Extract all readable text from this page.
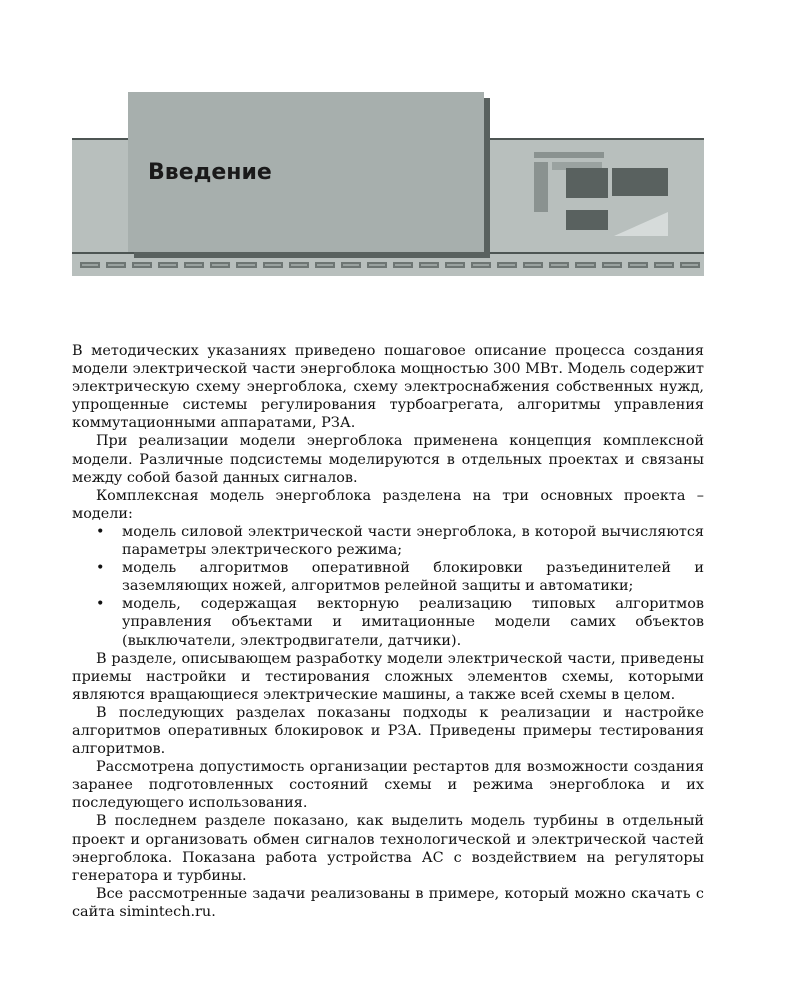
Введение

В методических указаниях приведено пошаговое описание процесса создания модели электрической части энергоблока мощностью 300 МВт. Модель содержит электрическую схему энергоблока, схему электроснабжения собственных нужд, упрощенные системы регулирования турбоагрегата, алгоритмы управления коммутационными аппаратами, РЗА.

При реализации модели энергоблока применена концепция комплексной модели. Различные подсистемы моделируются в отдельных проектах и связаны между собой базой данных сигналов.

Комплексная модель энергоблока разделена на три основных проекта – модели:

• модель силовой электрической части энергоблока, в которой вычисляются параметры электрического режима;
• модель алгоритмов оперативной блокировки разъединителей и заземляющих ножей, алгоритмов релейной защиты и автоматики;
• модель, содержащая векторную реализацию типовых алгоритмов управления объектами и имитационные модели самих объектов (выключатели, электродвигатели, датчики).

В разделе, описывающем разработку модели электрической части, приведены приемы настройки и тестирования сложных элементов схемы, которыми являются вращающиеся электрические машины, а также всей схемы в целом.

В последующих разделах показаны подходы к реализации и настройке алгоритмов оперативных блокировок и РЗА. Приведены примеры тестирования алгоритмов.

Рассмотрена допустимость организации рестартов для возможности создания заранее подготовленных состояний схемы и режима энергоблока и их последующего использования.

В последнем разделе показано, как выделить модель турбины в отдельный проект и организовать обмен сигналов технологической и электрической частей энергоблока. Показана работа устройства АС с воздействием на регуляторы генератора и турбины.

Все рассмотренные задачи реализованы в примере, который можно скачать с сайта simintech.ru.
